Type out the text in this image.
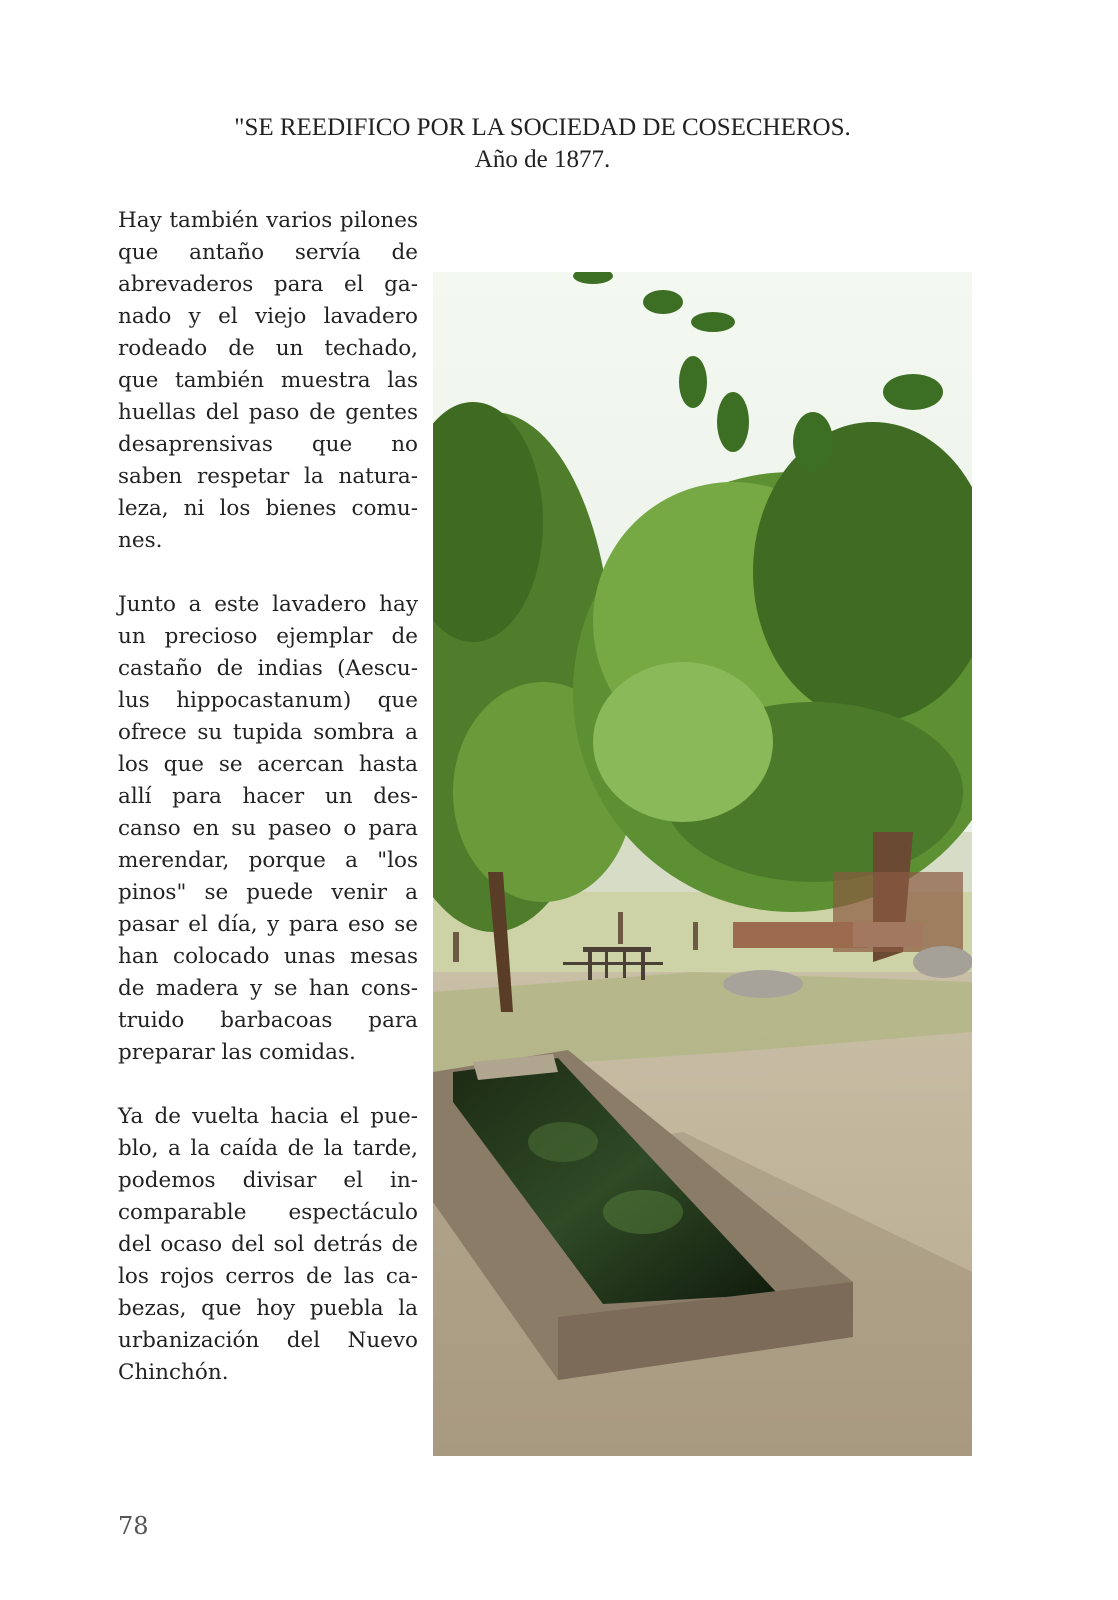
"SE REEDIFICO POR LA SOCIEDAD DE COSECHEROS.
Año de 1877.

Hay también varios pilones que antaño servía de abrevaderos para el ganado y el viejo lavadero rodeado de un techado, que también muestra las huellas del paso de gentes desaprensivas que no saben respetar la naturaleza, ni los bienes comunes.

Junto a este lavadero hay un precioso ejemplar de castaño de indias (Aesculus hippocastanum) que ofrece su tupida sombra a los que se acercan hasta allí para hacer un descanso en su paseo o para merendar, porque a "los pinos" se puede venir a pasar el día, y para eso se han colocado unas mesas de madera y se han construido barbacoas para preparar las comidas.

Ya de vuelta hacia el pueblo, a la caída de la tarde, podemos divisar el incomparable espectáculo del ocaso del sol detrás de los rojos cerros de las cabezas, que hoy puebla la urbanización del Nuevo Chinchón.

78
